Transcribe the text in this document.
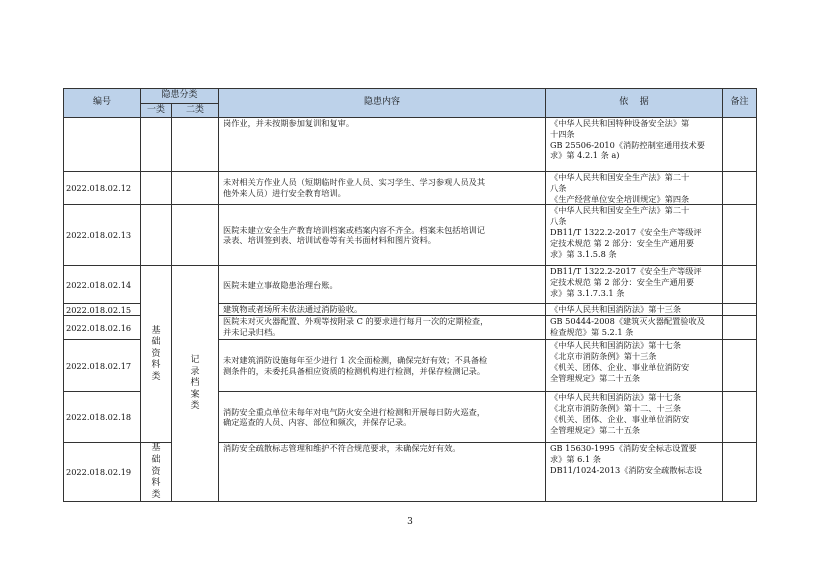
编号	隐患分类		隐患内容	依    据	备注
	一类	二类			

			岗作业，并未按期参加复训和复审。	《中华人民共和国特种设备安全法》第
十四条
GB 25506-2010《消防控制室通用技术要
求》第 4.2.1 条 a)	

2022.018.02.12			未对相关方作业人员（短期临时作业人员、实习学生、学习参观人员及其
他外来人员）进行安全教育培训。	《中华人民共和国安全生产法》第二十
八条
《生产经营单位安全培训规定》第四条	

2022.018.02.13			医院未建立安全生产教育培训档案或档案内容不齐全。档案未包括培训记
录表、培训签到表、培训试卷等有关书面材料和图片资料。	《中华人民共和国安全生产法》第二十
八条
DB11/T 1322.2-2017《安全生产等级评
定技术规范 第 2 部分：安全生产通用要
求》第 3.1.5.8 条	

2022.018.02.14	基础资料类	记录档案类	医院未建立事故隐患治理台账。	DB11/T 1322.2-2017《安全生产等级评
定技术规范 第 2 部分：安全生产通用要
求》第 3.1.7.3.1 条	

2022.018.02.15			建筑物或者场所未依法通过消防验收。	《中华人民共和国消防法》第十三条	

2022.018.02.16			医院未对灭火器配置、外观等按附录 C 的要求进行每月一次的定期检查，
并未记录归档。	GB 50444-2008《建筑灭火器配置验收及
检查规范》第 5.2.1 条	

2022.018.02.17			未对建筑消防设施每年至少进行 1 次全面检测，确保完好有效；不具备检
测条件的，未委托具备相应资质的检测机构进行检测，并保存检测记录。	《中华人民共和国消防法》第十七条
《北京市消防条例》第十三条
《机关、团体、企业、事业单位消防安
全管理规定》第二十五条	

2022.018.02.18			消防安全重点单位未每年对电气防火安全进行检测和开展每日防火巡查，
确定巡查的人员、内容、部位和频次，并保存记录。	《中华人民共和国消防法》第十七条
《北京市消防条例》第十二、十三条
《机关、团体、企业、事业单位消防安
全管理规定》第二十五条	

2022.018.02.19	基础资料类		消防安全疏散标志管理和维护不符合规范要求，未确保完好有效。	GB 15630-1995《消防安全标志设置要
求》第 6.1 条
DB11/1024-2013《消防安全疏散标志设	

3
